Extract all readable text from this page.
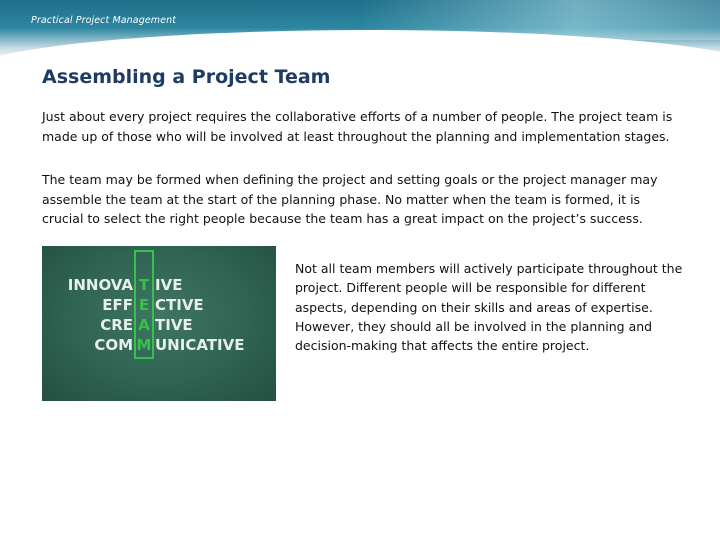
Practical Project Management
Assembling a Project Team

Just about every project requires the collaborative efforts of a number of people. The project team is made up of those who will be involved at least throughout the planning and implementation stages.

The team may be formed when defining the project and setting goals or the project manager may assemble the team at the start of the planning phase. No matter when the team is formed, it is crucial to select the right people because the team has a great impact on the project’s success.

INNOVA T IVE
EFF E CTIVE
CRE A TIVE
COM M UNICATIVE

Not all team members will actively participate throughout the project. Different people will be responsible for different aspects, depending on their skills and areas of expertise. However, they should all be involved in the planning and decision-making that affects the entire project.
